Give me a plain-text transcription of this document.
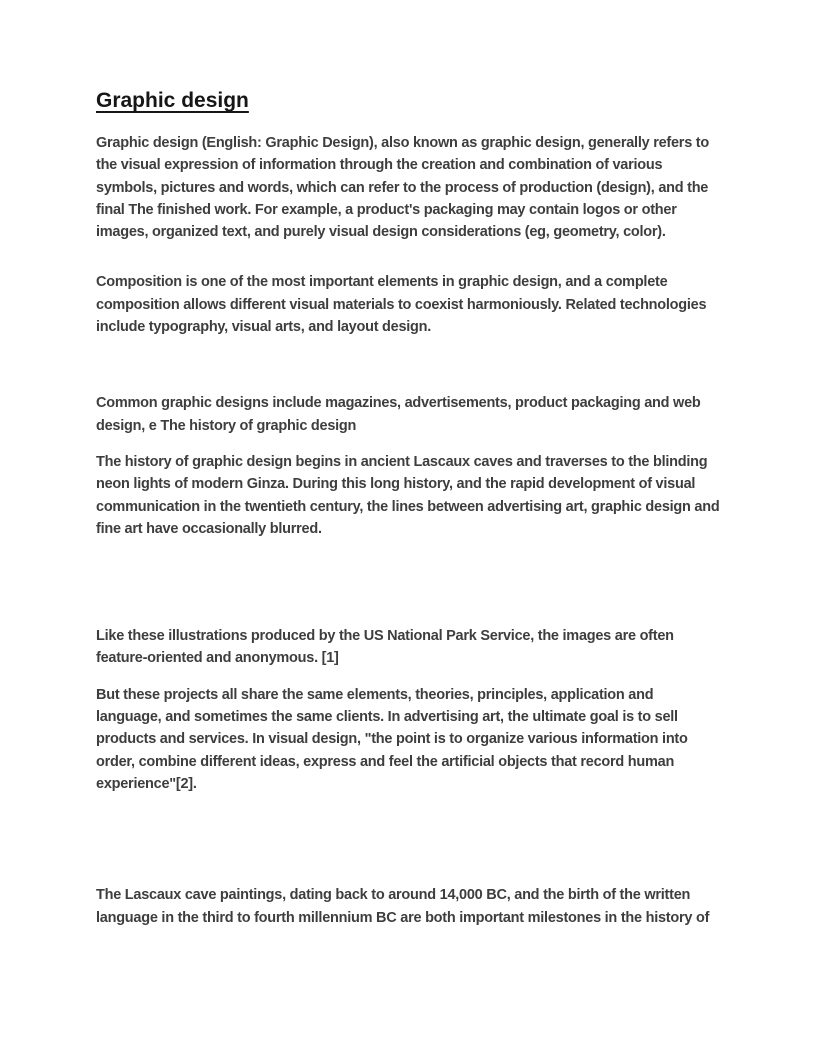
Graphic design

Graphic design (English: Graphic Design), also known as graphic design, generally refers to the visual expression of information through the creation and combination of various symbols, pictures and words, which can refer to the process of production (design), and the final The finished work. For example, a product's packaging may contain logos or other images, organized text, and purely visual design considerations (eg, geometry, color).

Composition is one of the most important elements in graphic design, and a complete composition allows different visual materials to coexist harmoniously. Related technologies include typography, visual arts, and layout design.

Common graphic designs include magazines, advertisements, product packaging and web design, e The history of graphic design

The history of graphic design begins in ancient Lascaux caves and traverses to the blinding neon lights of modern Ginza. During this long history, and the rapid development of visual communication in the twentieth century, the lines between advertising art, graphic design and fine art have occasionally blurred.

Like these illustrations produced by the US National Park Service, the images are often feature-oriented and anonymous. [1]

But these projects all share the same elements, theories, principles, application and language, and sometimes the same clients. In advertising art, the ultimate goal is to sell products and services. In visual design, "the point is to organize various information into order, combine different ideas, express and feel the artificial objects that record human experience"[2].

The Lascaux cave paintings, dating back to around 14,000 BC, and the birth of the written language in the third to fourth millennium BC are both important milestones in the history of
